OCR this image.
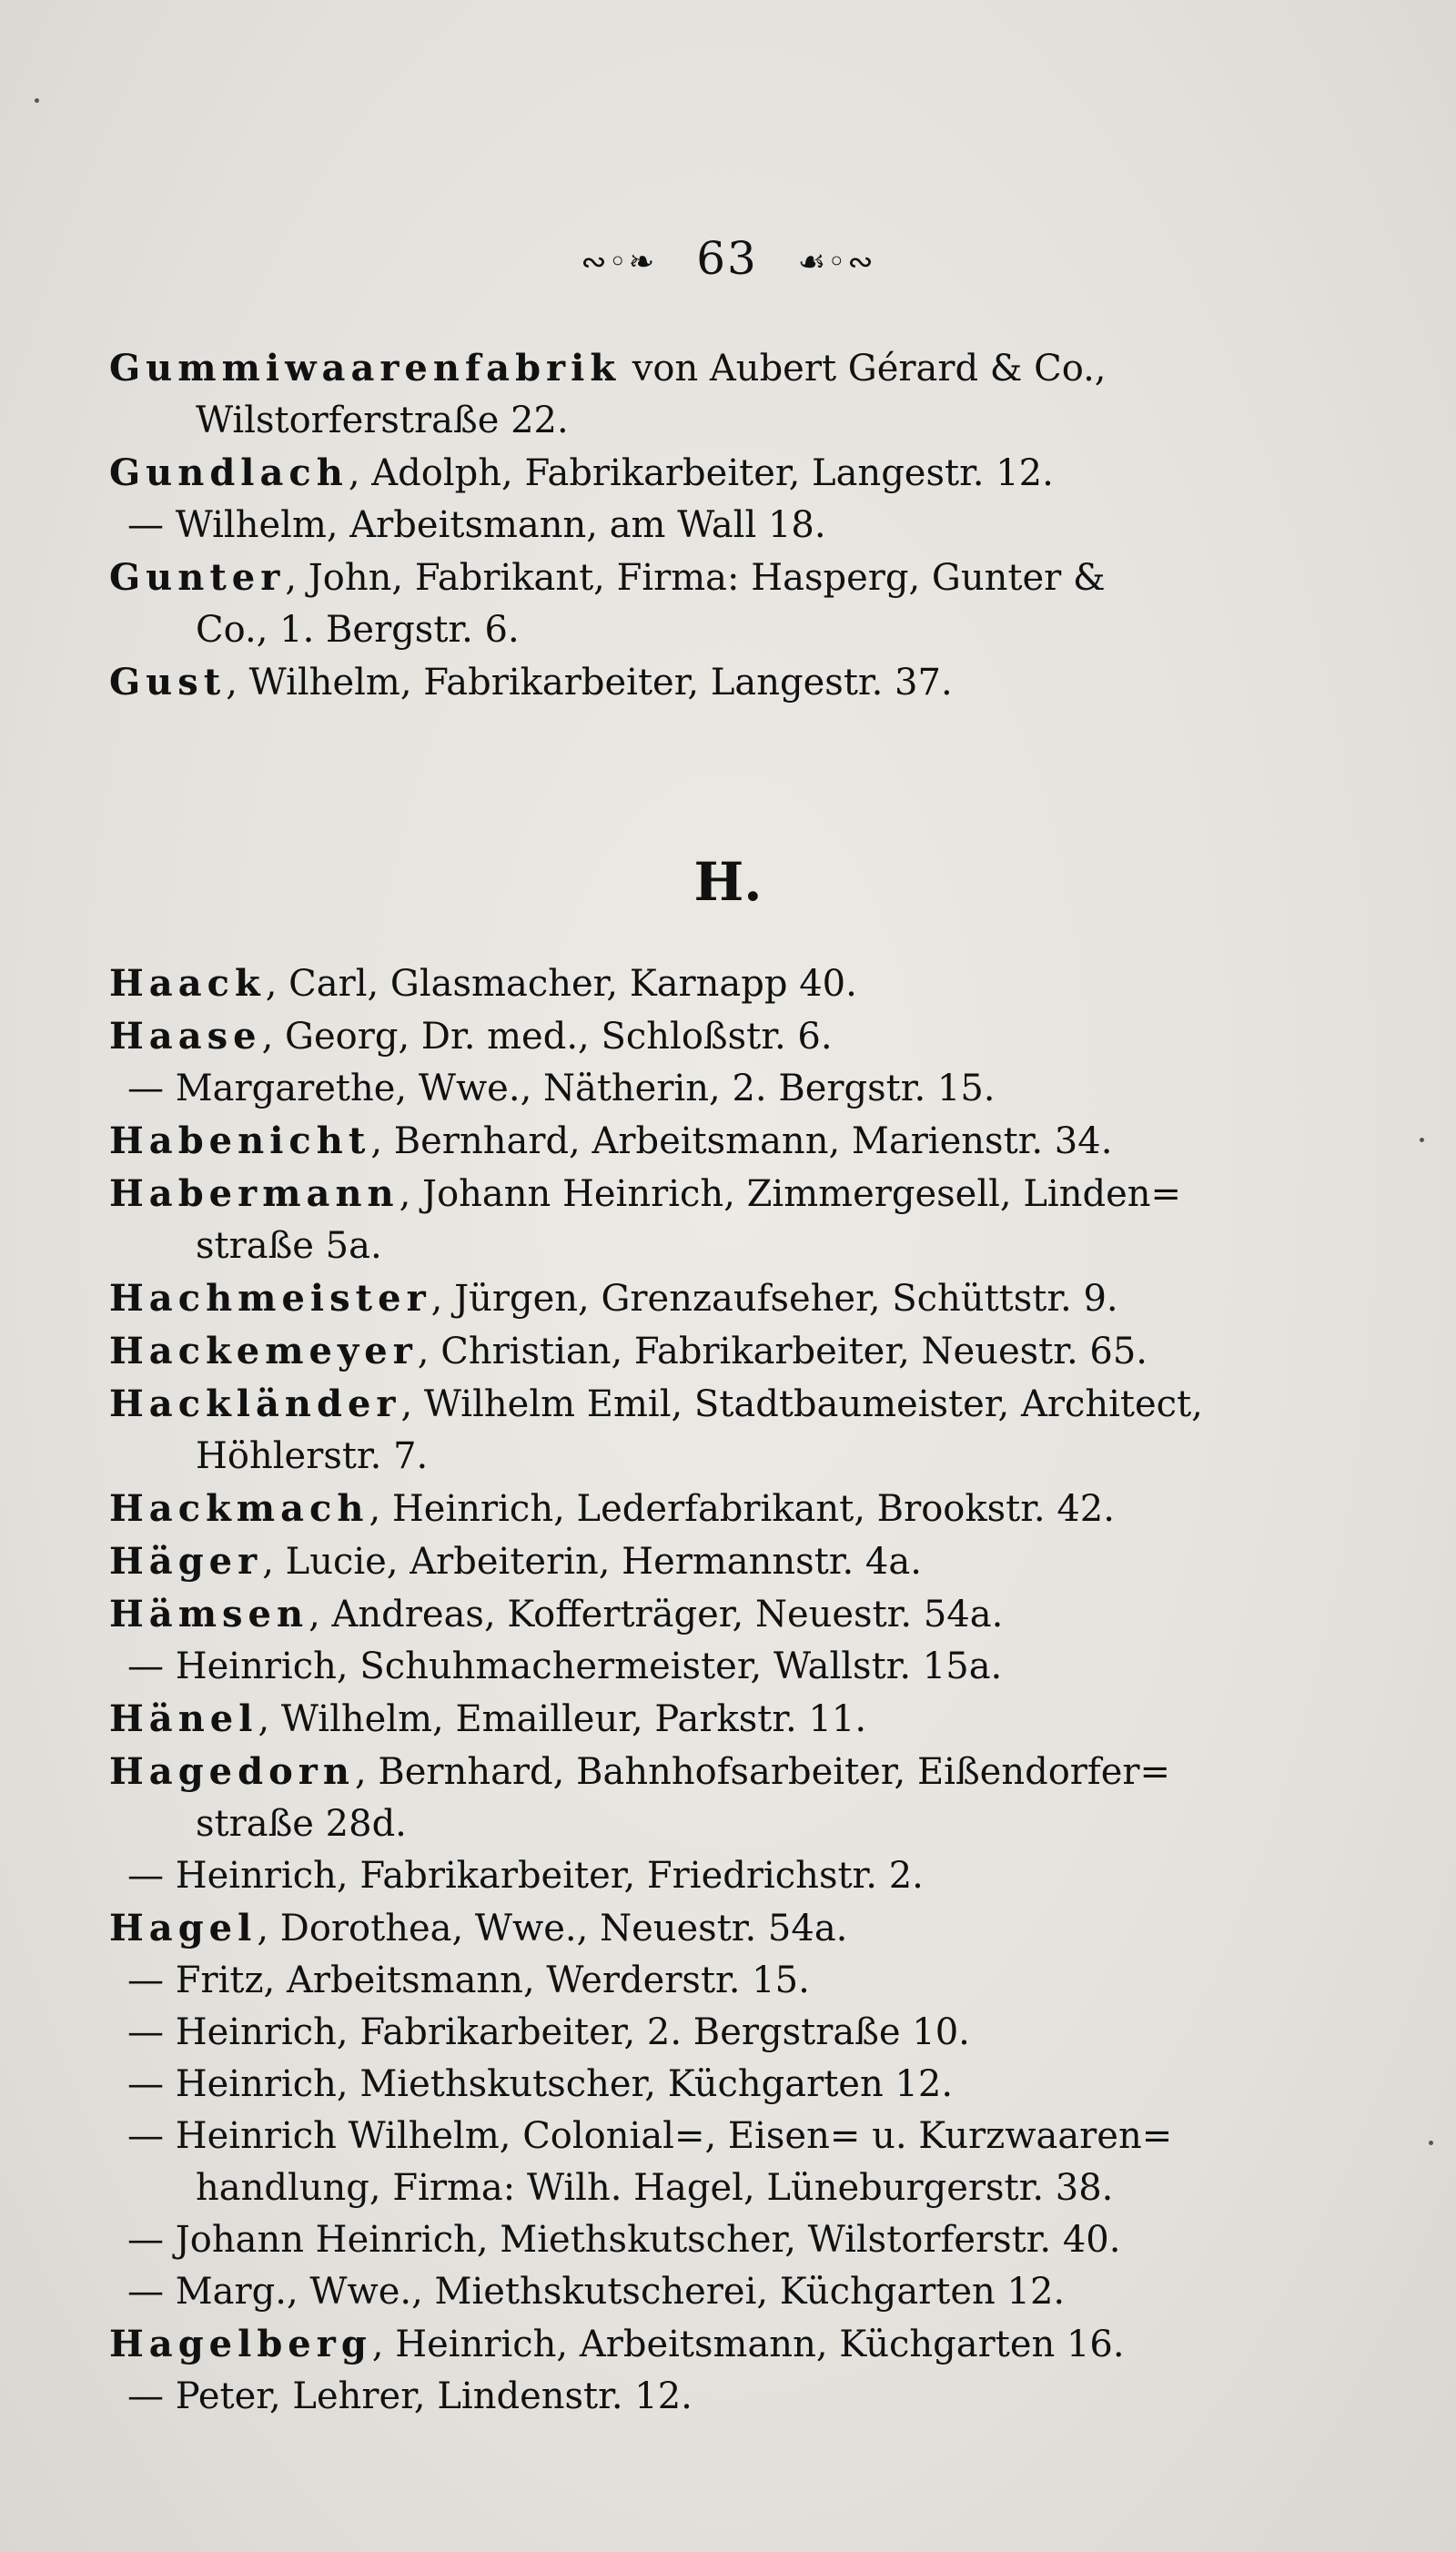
∾◦❧ 63 ☙◦∾
Gummiwaarenfabrik von Aubert Gérard & Co.,
Wilstorferstraße 22.
Gundlach, Adolph, Fabrikarbeiter, Langestr. 12.
— Wilhelm, Arbeitsmann, am Wall 18.
Gunter, John, Fabrikant, Firma: Hasperg, Gunter &
Co., 1. Bergstr. 6.
Gust, Wilhelm, Fabrikarbeiter, Langestr. 37.
H.
Haack, Carl, Glasmacher, Karnapp 40.
Haase, Georg, Dr. med., Schloßstr. 6.
— Margarethe, Wwe., Nätherin, 2. Bergstr. 15.
Habenicht, Bernhard, Arbeitsmann, Marienstr. 34.
Habermann, Johann Heinrich, Zimmergesell, Linden=
straße 5a.
Hachmeister, Jürgen, Grenzaufseher, Schüttstr. 9.
Hackemeyer, Christian, Fabrikarbeiter, Neuestr. 65.
Hackländer, Wilhelm Emil, Stadtbaumeister, Architect,
Höhlerstr. 7.
Hackmach, Heinrich, Lederfabrikant, Brookstr. 42.
Häger, Lucie, Arbeiterin, Hermannstr. 4a.
Hämsen, Andreas, Kofferträger, Neuestr. 54a.
— Heinrich, Schuhmachermeister, Wallstr. 15a.
Hänel, Wilhelm, Emailleur, Parkstr. 11.
Hagedorn, Bernhard, Bahnhofsarbeiter, Eißendorfer=
straße 28d.
— Heinrich, Fabrikarbeiter, Friedrichstr. 2.
Hagel, Dorothea, Wwe., Neuestr. 54a.
— Fritz, Arbeitsmann, Werderstr. 15.
— Heinrich, Fabrikarbeiter, 2. Bergstraße 10.
— Heinrich, Miethskutscher, Küchgarten 12.
— Heinrich Wilhelm, Colonial=, Eisen= u. Kurzwaaren=
handlung, Firma: Wilh. Hagel, Lüneburgerstr. 38.
— Johann Heinrich, Miethskutscher, Wilstorferstr. 40.
— Marg., Wwe., Miethskutscherei, Küchgarten 12.
Hagelberg, Heinrich, Arbeitsmann, Küchgarten 16.
— Peter, Lehrer, Lindenstr. 12.
